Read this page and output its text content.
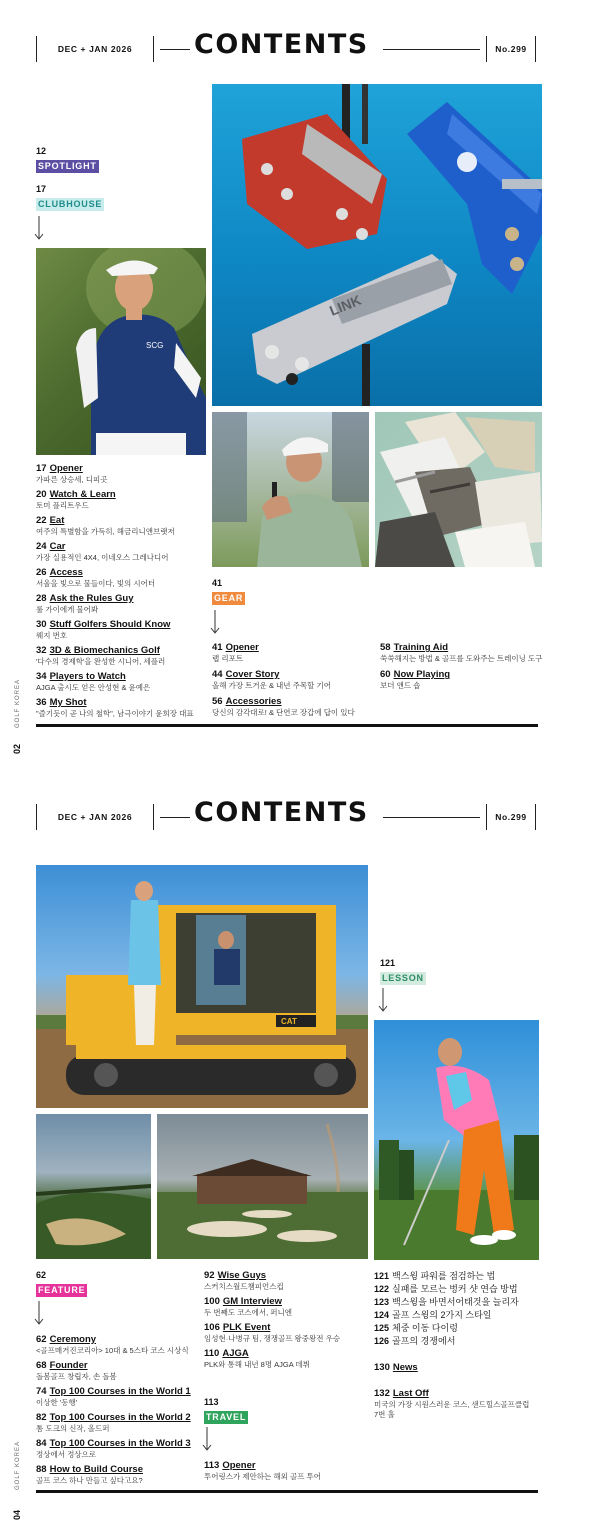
DEC + JAN 2026	CONTENTS	No.299
12
SPOTLIGHT
17
CLUBHOUSE
SCG
LINK
17 Opener
가파른 상승세, 디피곳
20 Watch & Learn
토미 플리트우드
22 Eat
여주의 특별함을 가득히, 해금리니앤브랫저
24 Car
가장 실용적인 4X4, 이네오스 그레나디어
26 Access
서울을 빛으로 물들이다, 빛의 시어터
28 Ask the Rules Guy
룰 가이에게 물어봐
30 Stuff Golfers Should Know
웨지 번호
32 3D & Biomechanics Golf
'다수의 경제학'을 완성한 시니어, 세플러
34 Players to Watch
AJGA 출시도 얻은 안성현 & 윤예은
36 My Shot
"즐기듯이 곧 나의 철학", 남극이야기 윤희장 대표
41
GEAR
41 Opener
랩 리포트
44 Cover Story
올해 가장 트거운 & 내년 주목할 기어
56 Accessories
당신의 감각대로! & 단연코 장갑에 답이 있다
58 Training Aid
쑥쑥해지는 방법 & 골프를 도와주는 트레이닝 도구
60 Now Playing
보더 앤드 숍
GOLF KOREA
02
DEC + JAN 2026	CONTENTS	No.299
CAT
121
LESSON
62
FEATURE
62 Ceremony
<골프매거진코리아> 10대 & 5스타 코스 시상식
68 Founder
돌봄골프 창립자, 손 돌봄
74 Top 100 Courses in the World 1
이상한 '동행'
82 Top 100 Courses in the World 2
톰 도크의 신작, 올드퍼
84 Top 100 Courses in the World 3
정상에서 정상으로
88 How to Build Course
골프 코스 하나 만들고 싶다고요?
92 Wise Guys
스커치스월드챔피언스컵
100 GM Interview
두 번째도 코스에서, 퍼니엔
106 PLK Event
임성현·나병규 팀, 쟁쟁골프 왕중왕전 우승
110 AJGA
PLK와 통해 내년 8명 AJGA 데뷔
113
TRAVEL
113 Opener
투어링스가 제안하는 해외 골프 투어
121 백스윙 파워를 점검하는 법
122 실패를 모르는 벙커 샷 연습 방법
123 백스윙을 바면서어태것을 늘리자
124 골프 스윙의 2가지 스타일
125 체중 이동 다이렁
126 골프의 경쟁에서
130 News
132 Last Off
미국의 가장 시원스러운 코스, 샌드힐스골프클럽 7번 홀
GOLF KOREA
04
